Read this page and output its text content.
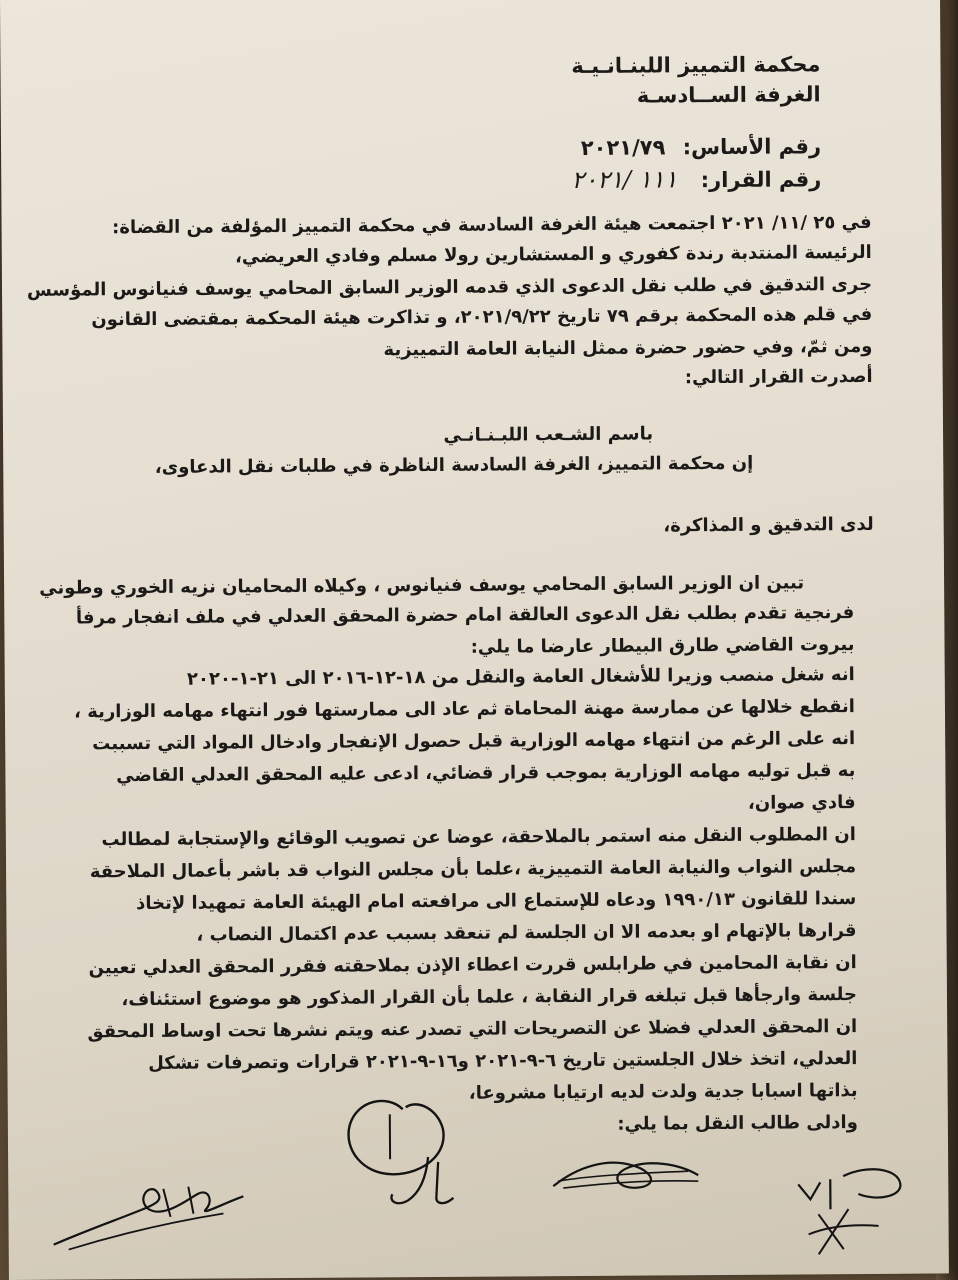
محكمة التمييز اللبنـانـيـة
الغرفة الســادسـة
رقم الأساس: ٢٠٢١/٧٩
رقم القرار: ١١١ /٢٠٢١
في ٢٥ /١١/ ٢٠٢١ اجتمعت هيئة الغرفة السادسة في محكمة التمييز المؤلفة من القضاة:
الرئيسة المنتدبة رندة كفوري و المستشارين رولا مسلم وفادي العريضي،
جرى التدقيق في طلب نقل الدعوى الذي قدمه الوزير السابق المحامي يوسف فنيانوس المؤسس
في قلم هذه المحكمة برقم ٧٩ تاريخ ٢٠٢١/٩/٢٢، و تذاكرت هيئة المحكمة بمقتضى القانون
ومن ثمّ، وفي حضور حضرة ممثل النيابة العامة التمييزية
أصدرت القرار التالي:
باسم الشـعب اللبـنـانـي
إن محكمة التمييز، الغرفة السادسة الناظرة في طلبات نقل الدعاوى،
لدى التدقيق و المذاكرة،
تبين ان الوزير السابق المحامي يوسف فنيانوس ، وكيلاه المحاميان نزيه الخوري وطوني
فرنجية تقدم بطلب نقل الدعوى العالقة امام حضرة المحقق العدلي في ملف انفجار مرفأ
بيروت القاضي طارق البيطار عارضا ما يلي:
انه شغل منصب وزيرا للأشغال العامة والنقل من ١٨-١٢-٢٠١٦ الى ٢١-١-٢٠٢٠
انقطع خلالها عن ممارسة مهنة المحاماة ثم عاد الى ممارستها فور انتهاء مهامه الوزارية ،
انه على الرغم من انتهاء مهامه الوزارية قبل حصول الإنفجار وادخال المواد التي تسببت
به قبل توليه مهامه الوزارية بموجب قرار قضائي، ادعى عليه المحقق العدلي القاضي
فادي صوان،
ان المطلوب النقل منه استمر بالملاحقة، عوضا عن تصويب الوقائع والإستجابة لمطالب
مجلس النواب والنيابة العامة التمييزية ،علما بأن مجلس النواب قد باشر بأعمال الملاحقة
سندا للقانون ١٩٩٠/١٣ ودعاه للإستماع الى مرافعته امام الهيئة العامة تمهيدا لإتخاذ
قرارها بالإتهام او بعدمه الا ان الجلسة لم تنعقد بسبب عدم اكتمال النصاب ،
ان نقابة المحامين في طرابلس قررت اعطاء الإذن بملاحقته فقرر المحقق العدلي تعيين
جلسة وارجأها قبل تبلغه قرار النقابة ، علما بأن القرار المذكور هو موضوع استئناف،
ان المحقق العدلي فضلا عن التصريحات التي تصدر عنه ويتم نشرها تحت اوساط المحقق
العدلي، اتخذ خلال الجلستين تاريخ ٦-٩-٢٠٢١ و١٦-٩-٢٠٢١ قرارات وتصرفات تشكل
بذاتها اسبابا جدية ولدت لديه ارتيابا مشروعا،
وادلى طالب النقل بما يلي:
